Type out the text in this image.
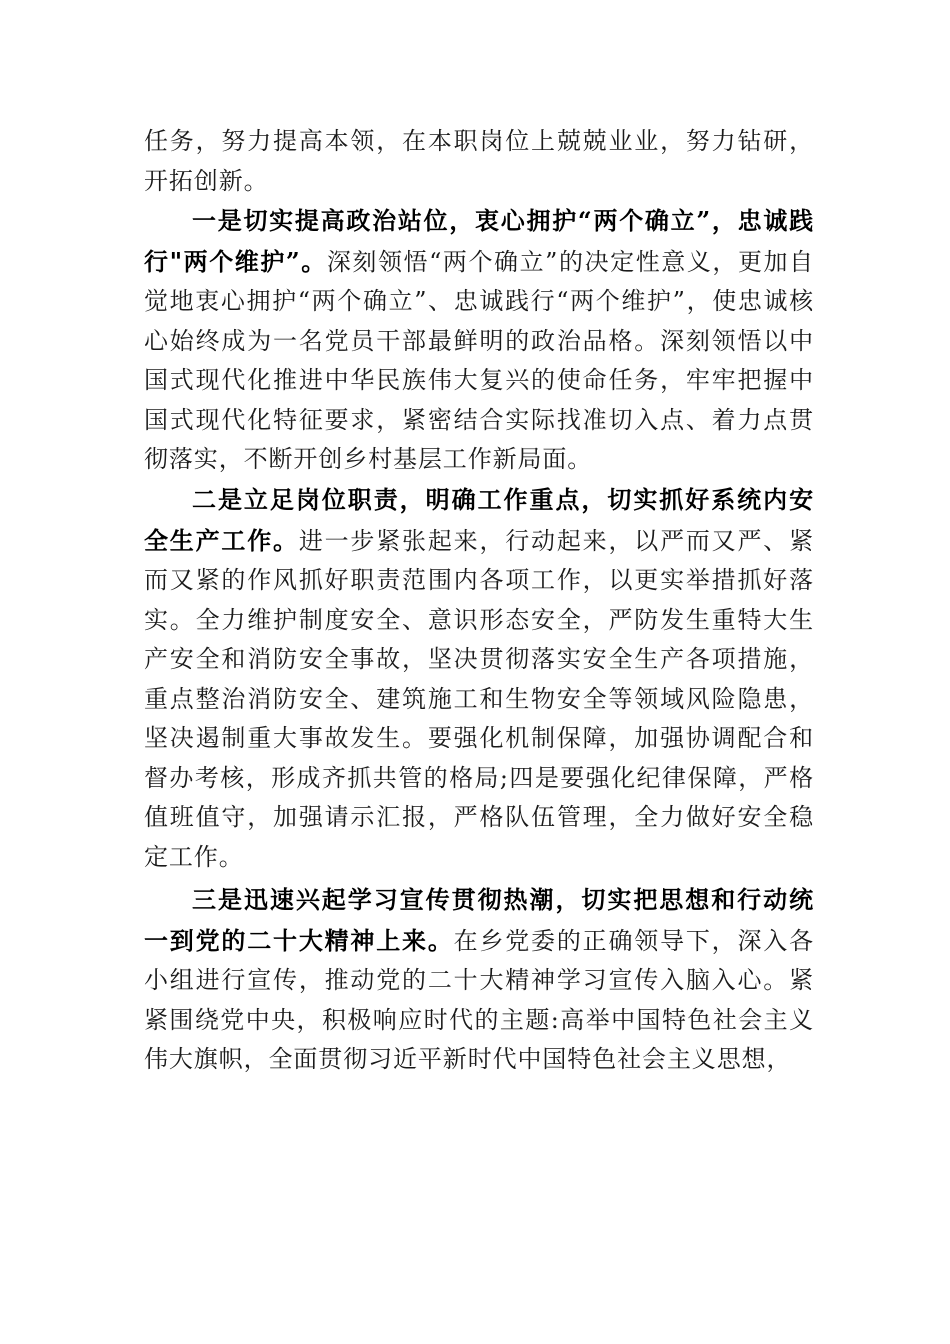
任务，努力提高本领，在本职岗位上兢兢业业，努力钻研， 开拓创新。

一是切实提高政治站位，衷心拥护“两个确立”，忠诚践行"两个维护”。深刻领悟“两个确立”的决定性意义，更加自觉地衷心拥护“两个确立”、忠诚践行“两个维护”，使忠诚核心始终成为一名党员干部最鲜明的政治品格。深刻领悟以中国式现代化推进中华民族伟大复兴的使命任务，牢牢把握中国式现代化特征要求，紧密结合实际找准切入点、着力点贯彻落实，不断开创乡村基层工作新局面。

二是立足岗位职责，明确工作重点，切实抓好系统内安全生产工作。进一步紧张起来，行动起来，以严而又严、紧而又紧的作风抓好职责范围内各项工作，以更实举措抓好落实。全力维护制度安全、意识形态安全，严防发生重特大生产安全和消防安全事故，坚决贯彻落实安全生产各项措施， 重点整治消防安全、建筑施工和生物安全等领域风险隐患， 坚决遏制重大事故发生。要强化机制保障，加强协调配合和督办考核，形成齐抓共管的格局;四是要强化纪律保障，严格值班值守，加强请示汇报，严格队伍管理，全力做好安全稳定工作。

三是迅速兴起学习宣传贯彻热潮，切实把思想和行动统一到党的二十大精神上来。在乡党委的正确领导下，深入各小组进行宣传，推动党的二十大精神学习宣传入脑入心。紧紧围绕党中央，积极响应时代的主题:高举中国特色社会主义伟大旗帜，全面贯彻习近平新时代中国特色社会主义思想，
